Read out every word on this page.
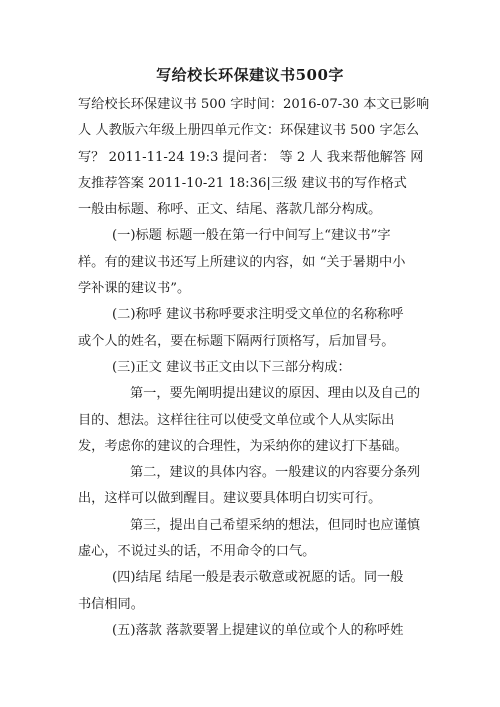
写给校长环保建议书500字
写给校长环保建议书 500 字时间：2016-07-30 本文已影响
人 人教版六年级上册四单元作文：环保建议书 500 字怎么
写？ 2011-11-24 19:3 提问者： 等 2 人 我来帮他解答 网
友推荐答案 2011-10-21 18:36|三级 建议书的写作格式
一般由标题、称呼、正文、结尾、落款几部分构成。
(一)标题 标题一般在第一行中间写上“建议书”字
样。有的建议书还写上所建议的内容，如 “关于暑期中小
学补课的建议书”。
(二)称呼 建议书称呼要求注明受文单位的名称称呼
或个人的姓名，要在标题下隔两行顶格写，后加冒号。
(三)正文 建议书正文由以下三部分构成：
第一，要先阐明提出建议的原因、理由以及自己的
目的、想法。这样往往可以使受文单位或个人从实际出
发，考虑你的建议的合理性，为采纳你的建议打下基础。
第二，建议的具体内容。一般建议的内容要分条列
出，这样可以做到醒目。建议要具体明白切实可行。
第三，提出自己希望采纳的想法，但同时也应谨慎
虚心，不说过头的话，不用命令的口气。
(四)结尾 结尾一般是表示敬意或祝愿的话。同一般
书信相同。
(五)落款 落款要署上提建议的单位或个人的称呼姓
